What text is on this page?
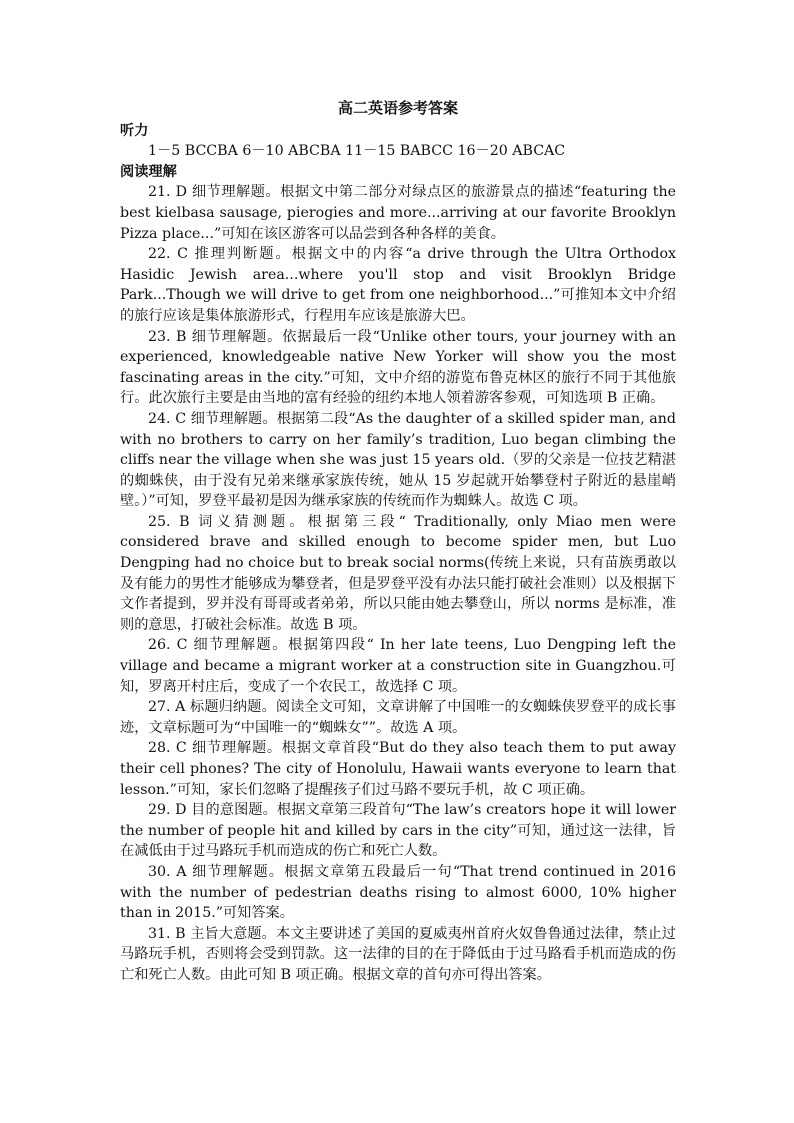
高二英语参考答案
听力
1－5 BCCBA 6－10 ABCBA 11－15 BABCC 16－20 ABCAC
阅读理解
21. D 细节理解题。根据文中第二部分对绿点区的旅游景点的描述“featuring the best kielbasa sausage, pierogies and more...arriving at our favorite Brooklyn Pizza place...”可知在该区游客可以品尝到各种各样的美食。
22. C 推理判断题。根据文中的内容“a drive through the Ultra Orthodox Hasidic Jewish area...where you'll stop and visit Brooklyn Bridge Park...Though we will drive to get from one neighborhood...”可推知本文中介绍的旅行应该是集体旅游形式，行程用车应该是旅游大巴。
23. B 细节理解题。依据最后一段“Unlike other tours, your journey with an experienced, knowledgeable native New Yorker will show you the most fascinating areas in the city.”可知，文中介绍的游览布鲁克林区的旅行不同于其他旅行。此次旅行主要是由当地的富有经验的纽约本地人领着游客参观，可知选项 B 正确。
24. C 细节理解题。根据第二段“As the daughter of a skilled spider man, and with no brothers to carry on her family’s tradition, Luo began climbing the cliffs near the village when she was just 15 years old.（罗的父亲是一位技艺精湛的蜘蛛侠，由于没有兄弟来继承家族传统，她从 15 岁起就开始攀登村子附近的悬崖峭壁。）”可知，罗登平最初是因为继承家族的传统而作为蜘蛛人。故选 C 项。
25. B 词义猜测题。根据第三段“ Traditionally, only Miao men were considered brave and skilled enough to become spider men, but Luo Dengping had no choice but to break social norms(传统上来说，只有苗族勇敢以及有能力的男性才能够成为攀登者，但是罗登平没有办法只能打破社会准则）以及根据下文作者提到，罗并没有哥哥或者弟弟，所以只能由她去攀登山，所以 norms 是标准，准则的意思，打破社会标准。故选 B 项。
26. C 细节理解题。根据第四段“ In her late teens, Luo Dengping left the village and became a migrant worker at a construction site in Guangzhou.可知，罗离开村庄后，变成了一个农民工，故选择 C 项。
27. A 标题归纳题。阅读全文可知，文章讲解了中国唯一的女蜘蛛侠罗登平的成长事迹，文章标题可为“中国唯一的“蜘蛛女””。故选 A 项。
28. C 细节理解题。根据文章首段“But do they also teach them to put away their cell phones? The city of Honolulu, Hawaii wants everyone to learn that lesson.”可知，家长们忽略了提醒孩子们过马路不要玩手机，故 C 项正确。
29. D 目的意图题。根据文章第三段首句“The law’s creators hope it will lower the number of people hit and killed by cars in the city”可知，通过这一法律，旨在减低由于过马路玩手机而造成的伤亡和死亡人数。
30. A 细节理解题。根据文章第五段最后一句“That trend continued in 2016 with the number of pedestrian deaths rising to almost 6000, 10% higher than in 2015.”可知答案。
31. B 主旨大意题。本文主要讲述了美国的夏威夷州首府火奴鲁鲁通过法律，禁止过马路玩手机，否则将会受到罚款。这一法律的目的在于降低由于过马路看手机而造成的伤亡和死亡人数。由此可知 B 项正确。根据文章的首句亦可得出答案。
